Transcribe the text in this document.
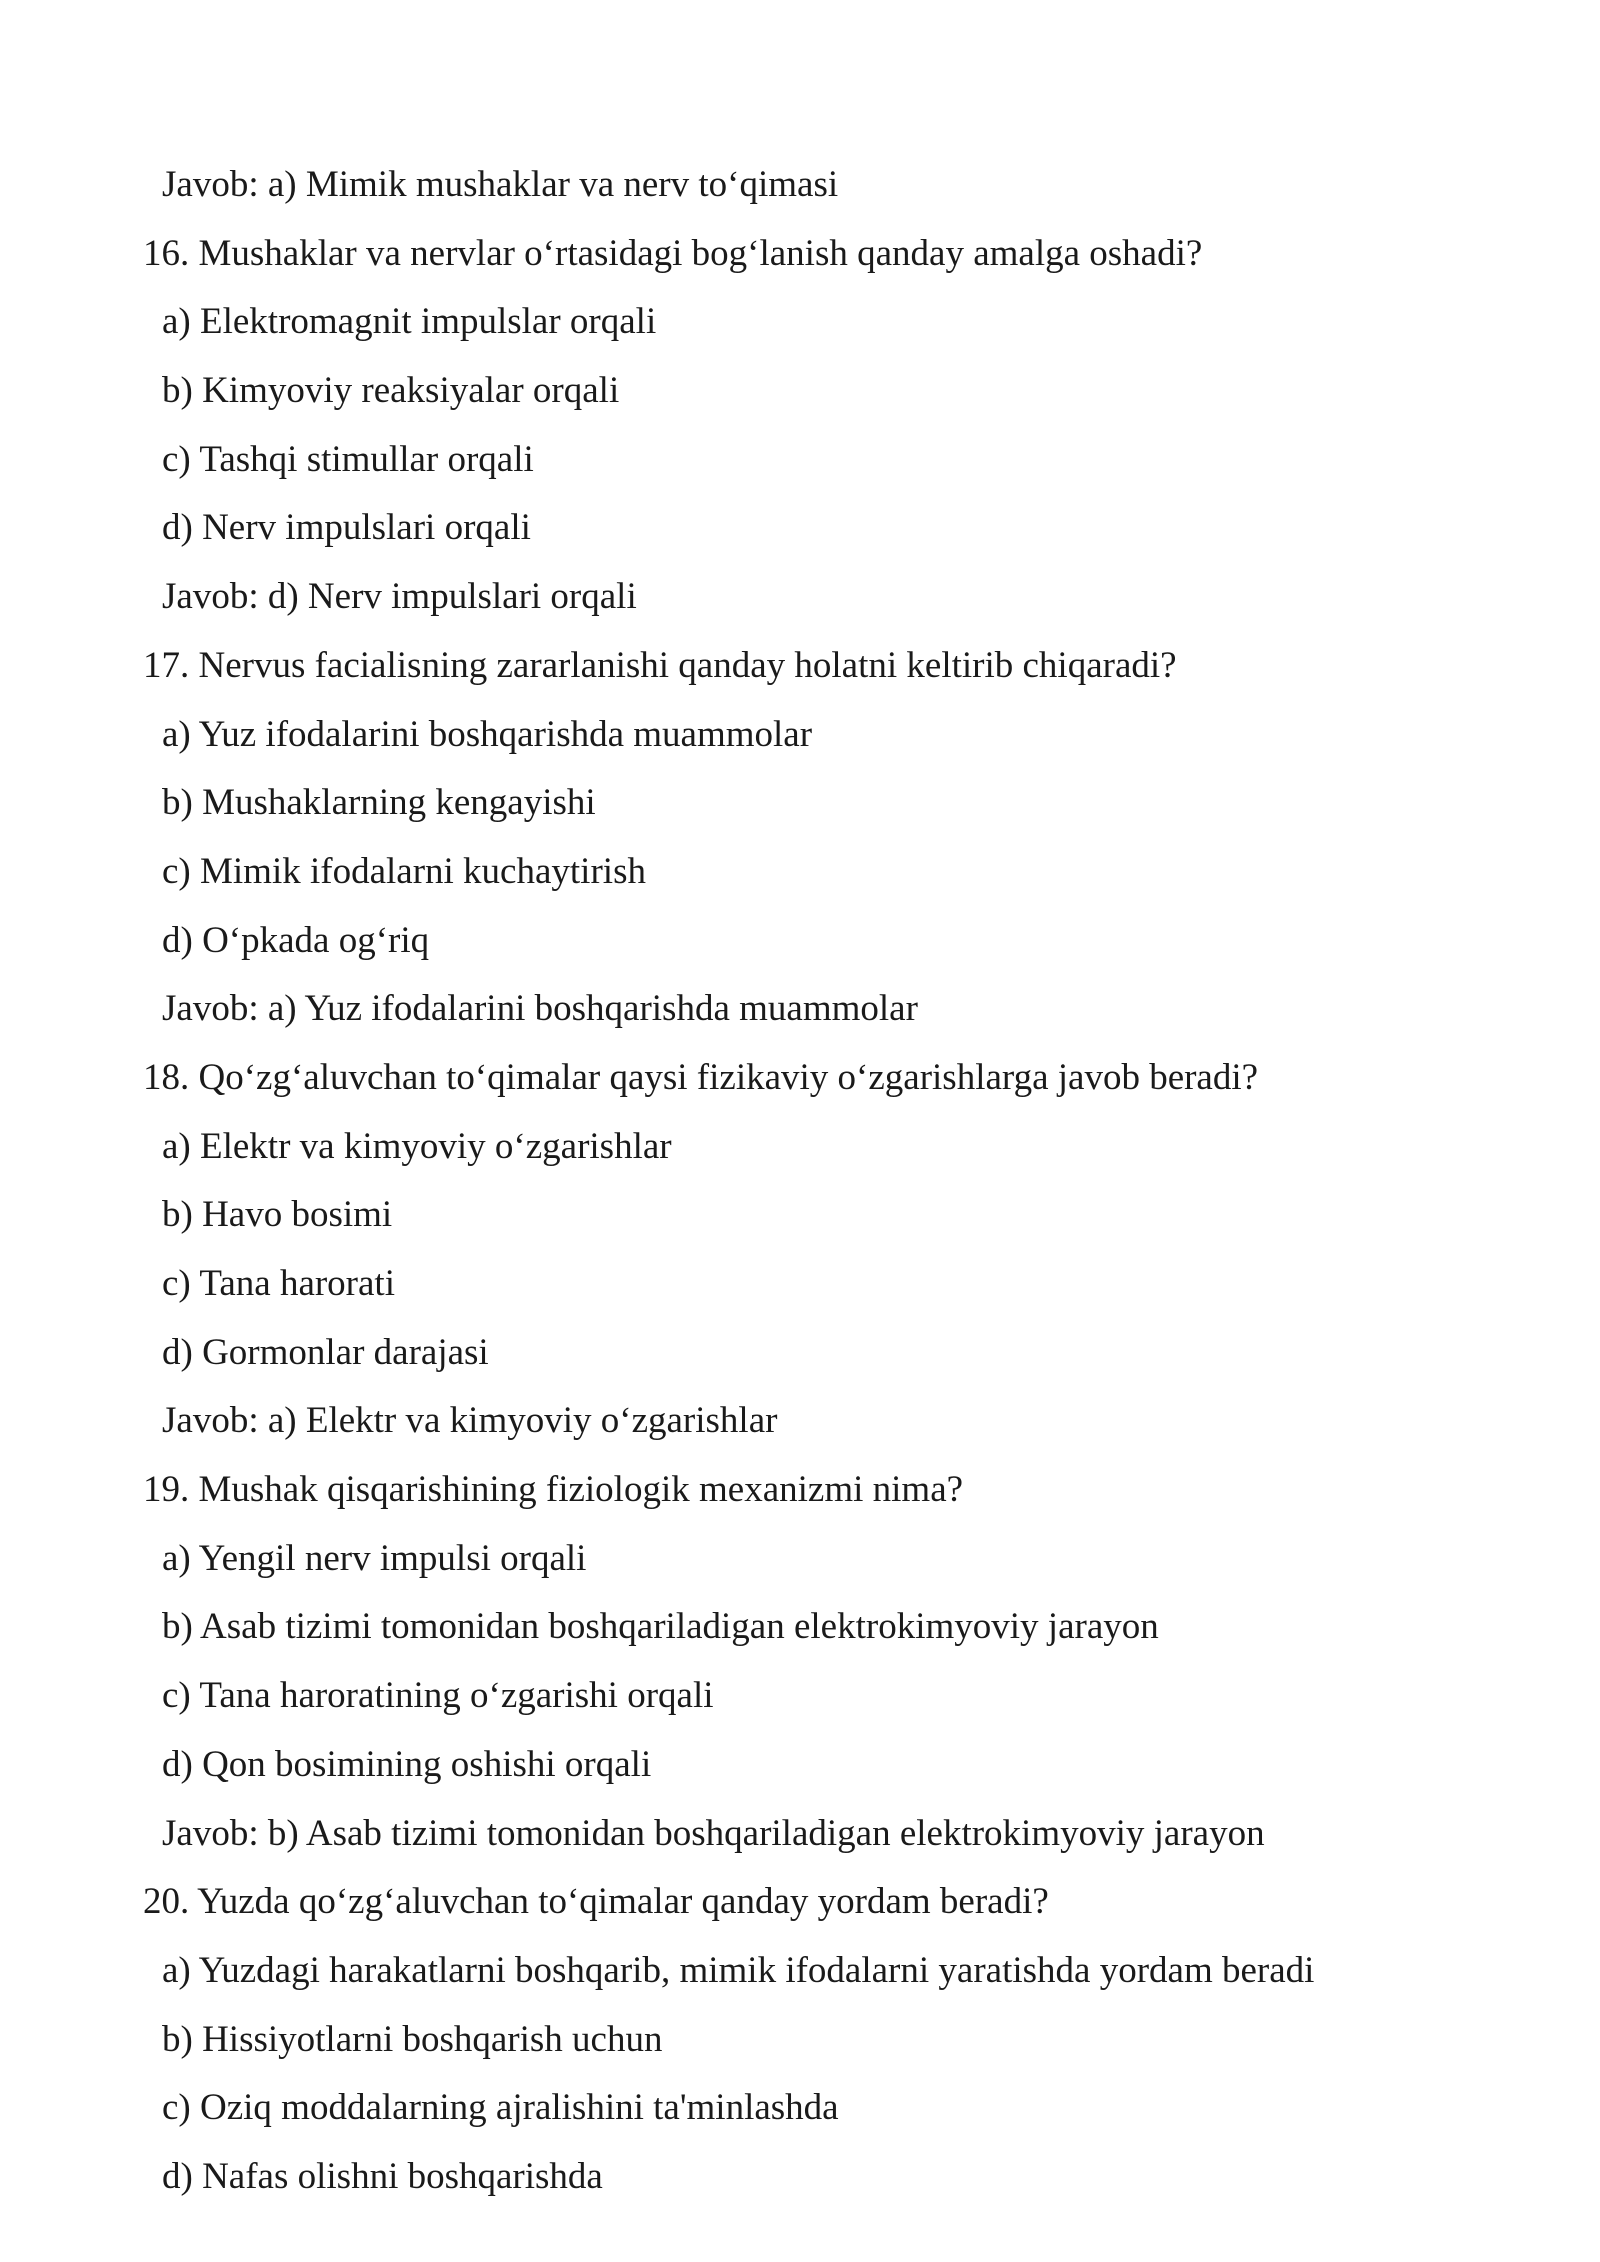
Javob: a) Mimik mushaklar va nerv to‘qimasi

16. Mushaklar va nervlar o‘rtasidagi bog‘lanish qanday amalga oshadi?

a) Elektromagnit impulslar orqali

b) Kimyoviy reaksiyalar orqali

c) Tashqi stimullar orqali

d) Nerv impulslari orqali

Javob: d) Nerv impulslari orqali

17. Nervus facialisning zararlanishi qanday holatni keltirib chiqaradi?

a) Yuz ifodalarini boshqarishda muammolar

b) Mushaklarning kengayishi

c) Mimik ifodalarni kuchaytirish

d) O‘pkada og‘riq

Javob: a) Yuz ifodalarini boshqarishda muammolar

18. Qo‘zg‘aluvchan to‘qimalar qaysi fizikaviy o‘zgarishlarga javob beradi?

a) Elektr va kimyoviy o‘zgarishlar

b) Havo bosimi

c) Tana harorati

d) Gormonlar darajasi

Javob: a) Elektr va kimyoviy o‘zgarishlar

19. Mushak qisqarishining fiziologik mexanizmi nima?

a) Yengil nerv impulsi orqali

b) Asab tizimi tomonidan boshqariladigan elektrokimyoviy jarayon

c) Tana haroratining o‘zgarishi orqali

d) Qon bosimining oshishi orqali

Javob: b) Asab tizimi tomonidan boshqariladigan elektrokimyoviy jarayon

20. Yuzda qo‘zg‘aluvchan to‘qimalar qanday yordam beradi?

a) Yuzdagi harakatlarni boshqarib, mimik ifodalarni yaratishda yordam beradi

b) Hissiyotlarni boshqarish uchun

c) Oziq moddalarning ajralishini ta'minlashda

d) Nafas olishni boshqarishda
